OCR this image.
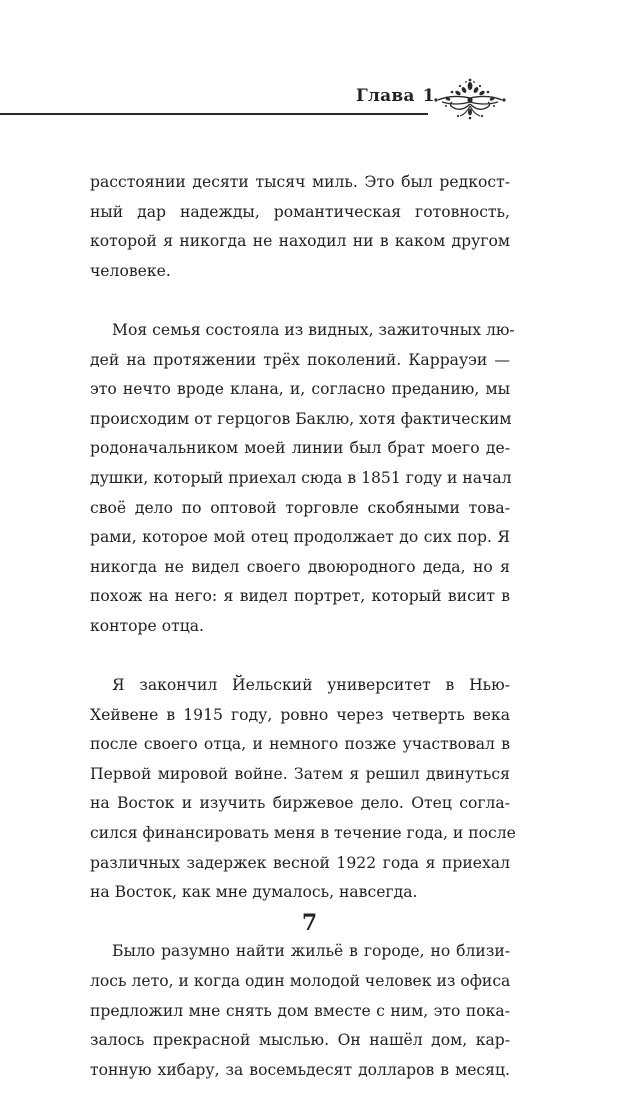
Глава 1
расстоянии десяти тысяч миль. Это был редкост-
ный дар надежды, романтическая готовность,
которой я никогда не находил ни в каком другом
человеке.
Моя семья состояла из видных, зажиточных лю-
дей на протяжении трёх поколений. Каррауэи —
это нечто вроде клана, и, согласно преданию, мы
происходим от герцогов Баклю, хотя фактическим
родоначальником моей линии был брат моего де-
душки, который приехал сюда в 1851 году и начал
своё дело по оптовой торговле скобяными това-
рами, которое мой отец продолжает до сих пор. Я
никогда не видел своего двоюродного деда, но я
похож на него: я видел портрет, который висит в
конторе отца.
Я закончил Йельский университет в Нью-
Хейвене в 1915 году, ровно через четверть века
после своего отца, и немного позже участвовал в
Первой мировой войне. Затем я решил двинуться
на Восток и изучить биржевое дело. Отец согла-
сился финансировать меня в течение года, и после
различных задержек весной 1922 года я приехал
на Восток, как мне думалось, навсегда.
Было разумно найти жильё в городе, но близи-
лось лето, и когда один молодой человек из офиса
предложил мне снять дом вместе с ним, это пока-
залось прекрасной мыслью. Он нашёл дом, кар-
тонную хибару, за восемьдесят долларов в месяц.
7
